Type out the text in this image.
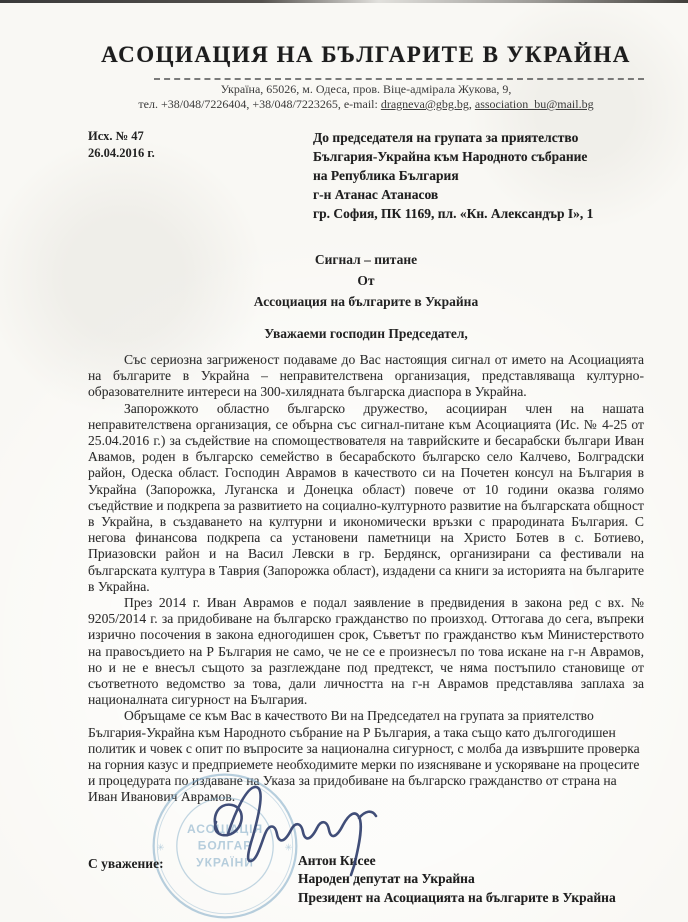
АСОЦИАЦИЯ НА БЪЛГАРИТЕ В УКРАЙНА
Україна, 65026, м. Одеса, пров. Віце-адмірала Жукова, 9,
тел. +38/048/7226404, +38/048/7223265, e-mail: dragneva@gbg.bg, association_bu@mail.bg
Исх. № 47
26.04.2016 г.
До председателя на групата за приятелство
България-Украйна към Народното събрание
на Република България
г-н Атанас Атанасов
гр. София, ПК 1169, пл. «Кн. Александър I», 1
Сигнал – питане
От
Ассоциация на българите в Украйна
Уважаеми господин Председател,

Със сериозна загриженост подаваме до Вас настоящия сигнал от името на Асоциацията на българите в Украйна – неправителствена организация, представляваща културно-образователните интереси на 300-хилядната българска диаспора в Украйна.

Запорожкото областно българско дружество, асоцииран член на нашата неправителствена организация, се обърна със сигнал-питане към Асоциацията (Ис. № 4-25 от 25.04.2016 г.) за съдействие на спомоществователя на таврийските и бесарабски българи Иван Авамов, роден в българско семейство в бесарабското българско село Калчево, Болградски район, Одеска област. Господин Аврамов в качеството си на Почетен консул на България в Украйна (Запорожка, Луганска и Донецка област) повече от 10 години оказва голямо съедйствие и подкрепа за развитието на социално-културното развитие на българската общност в Украйна, в създаването на културни и икономически връзки с прародината България. С негова финансова подкрепа са установени паметници на Христо Ботев в с. Ботиево, Приазовски район и на Васил Левски в гр. Бердянск, организирани са фестивали на българската култура в Таврия (Запорожка област), издадени са книги за историята на българите в Украйна.

През 2014 г. Иван Аврамов е подал заявление в предвидения в закона ред с вх. № 9205/2014 г. за придобиване на българско гражданство по произход. Оттогава до сега, въпреки изрично посочения в закона едногодишен срок, Съветът по гражданство към Министерството на правосъдието на Р България не само, че не се е произнесъл по това искане на г-н Аврамов, но и не е внесъл същото за разглеждане под предтекст, че няма постъпило становище от съответното ведомство за това, дали личността на г-н Аврамов представлява заплаха за националната сигурност на България.

Обръщаме се към Вас в качеството Ви на Председател на групата за приятелство България-Украйна към Народното събрание на Р България, а така също като дългогодишен политик и човек с опит по въпросите за национална сигурност, с молба да извършите проверка на горния казус и предприемете необходимите мерки по изясняване и ускоряване на процесите и процедурата по издаване на Указа за придобиване на българско гражданство от страна на Иван Иванович Аврамов.

С уважение:	Антон Кисее
Народен депутат на Украйна
Президент на Асоциацията на българите в Украйна
АСОЦІАЦІЯ
БОЛГАР
УКРАЇНИ
✳	✳
